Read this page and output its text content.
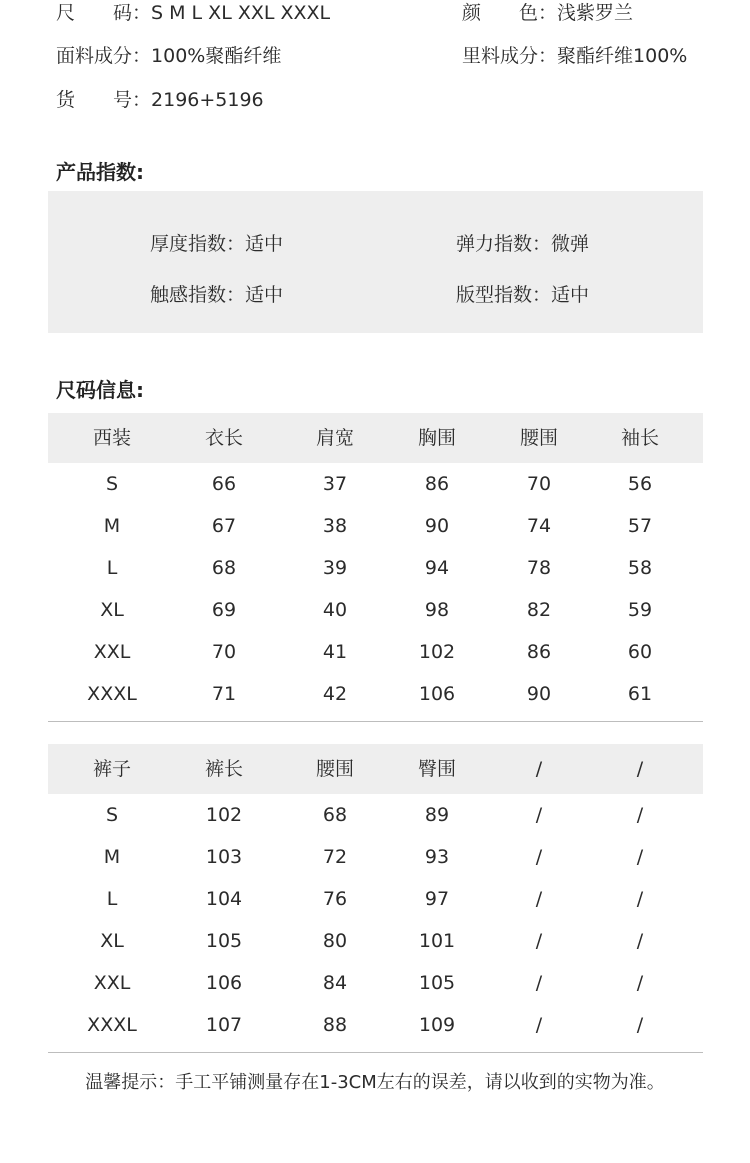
尺　　码：S M L XL XXL XXXL	颜　　色：浅紫罗兰
面料成分：100%聚酯纤维	里料成分：聚酯纤维100%
货　　号：2196+5196
产品指数:
厚度指数：适中	弹力指数：微弹
触感指数：适中	版型指数：适中
尺码信息:
西装	衣长	肩宽	胸围	腰围	袖长
S	66	37	86	70	56
M	67	38	90	74	57
L	68	39	94	78	58
XL	69	40	98	82	59
XXL	70	41	102	86	60
XXXL	71	42	106	90	61
裤子	裤长	腰围	臀围	/	/
S	102	68	89	/	/
M	103	72	93	/	/
L	104	76	97	/	/
XL	105	80	101	/	/
XXL	106	84	105	/	/
XXXL	107	88	109	/	/
温馨提示：手工平铺测量存在1-3CM左右的误差，请以收到的实物为准。
